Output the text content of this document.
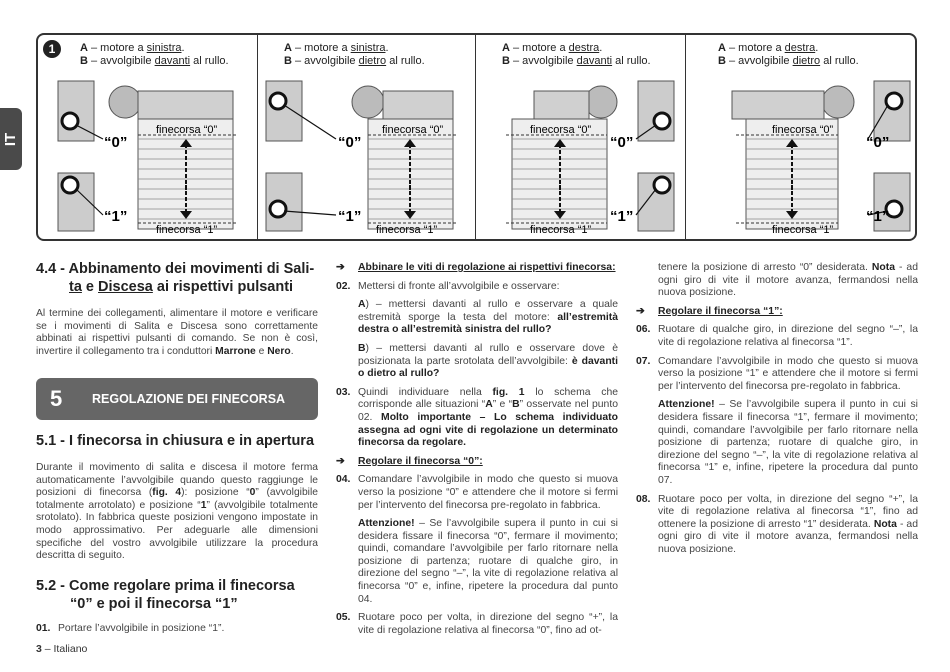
IT
1	A – motore a sinistra.
B – avvolgibile davanti al rullo.
“0”
“1”
finecorsa “0”
finecorsa “1”
A – motore a sinistra.
B – avvolgibile dietro al rullo.
“0”
“1”
finecorsa “0”
finecorsa “1”
A – motore a destra.
B – avvolgibile davanti al rullo.
“0”
“1”
finecorsa “0”
finecorsa “1”
A – motore a destra.
B – avvolgibile dietro al rullo.
“0”
“1”
finecorsa “0”
finecorsa “1”
4.4 - Abbinamento dei movimenti di Sali-
ta e Discesa ai rispettivi pulsanti

Al termine dei collegamenti, alimentare il motore e verificare se i movimenti di Salita e Discesa sono correttamente abbinati ai rispettivi pulsanti di comando. Se non è così, invertire il collegamento tra i conduttori Marrone e Nero.

5	REGOLAZIONE DEI FINECORSA
5.1 - I finecorsa in chiusura e in apertura

Durante il movimento di salita e discesa il motore ferma automaticamente l’avvolgibile quando questo raggiunge le posizioni di finecorsa (fig. 4): posizione “0” (avvolgibile totalmente arrotolato) e posizione “1” (avvolgibile totalmente srotolato). In fabbrica queste posizioni vengono impostate in modo approssimativo. Per adeguarle alle dimensioni specifiche del vostro avvolgibile utilizzare la procedura descritta di seguito.

5.2 - Come regolare prima il finecorsa
“0” e poi il finecorsa “1”
01. Portare l’avvolgibile in posizione “1”.
➔	Abbinare le viti di regolazione ai rispettivi finecorsa:
02. Mettersi di fronte all’avvolgibile e osservare:

A) – mettersi davanti al rullo e osservare a quale estremità sporge la testa del motore: all’estremità destra o all’estremità sinistra del rullo?

B) – mettersi davanti al rullo e osservare dove è posizionata la parte srotolata dell’avvolgibile: è davanti o dietro al rullo?

03. Quindi individuare nella fig. 1 lo schema che corrisponde alle situazioni “A” e “B” osservate nel punto 02. Molto importante – Lo schema individuato assegna ad ogni vite di regolazione un determinato finecorsa da regolare.
➔	Regolare il finecorsa “0”:
04. Comandare l’avvolgibile in modo che questo si muova verso la posizione “0” e attendere che il motore si fermi per l’intervento del finecorsa pre-regolato in fabbrica.

Attenzione! – Se l’avvolgibile supera il punto in cui si desidera fissare il finecorsa “0”, fermare il movimento; quindi, comandare l’avvolgibile per farlo ritornare nella posizione di partenza; ruotare di qualche giro, in direzione del segno “–”, la vite di regolazione relativa al finecorsa “0” e, infine, ripetere la procedura dal punto 04.

05. Ruotare poco per volta, in direzione del segno “+”, la vite di regolazione relativa al finecorsa “0”, fino ad ot-

tenere la posizione di arresto “0” desiderata. Nota - ad ogni giro di vite il motore avanza, fermandosi nella nuova posizione.

➔	Regolare il finecorsa “1”:
06. Ruotare di qualche giro, in direzione del segno “–”, la vite di regolazione relativa al finecorsa “1”.
07. Comandare l’avvolgibile in modo che questo si muova verso la posizione “1” e attendere che il motore si fermi per l’intervento del finecorsa pre-regolato in fabbrica.

Attenzione! – Se l’avvolgibile supera il punto in cui si desidera fissare il finecorsa “1”, fermare il movimento; quindi, comandare l’avvolgibile per farlo ritornare nella posizione di partenza; ruotare di qualche giro, in direzione del segno “–”, la vite di regolazione relativa al finecorsa “1” e, infine, ripetere la procedura dal punto 07.

08. Ruotare poco per volta, in direzione del segno “+”, la vite di regolazione relativa al finecorsa “1”, fino ad ottenere la posizione di arresto “1” desiderata. Nota - ad ogni giro di vite il motore avanza, fermandosi nella nuova posizione.
3 – Italiano
